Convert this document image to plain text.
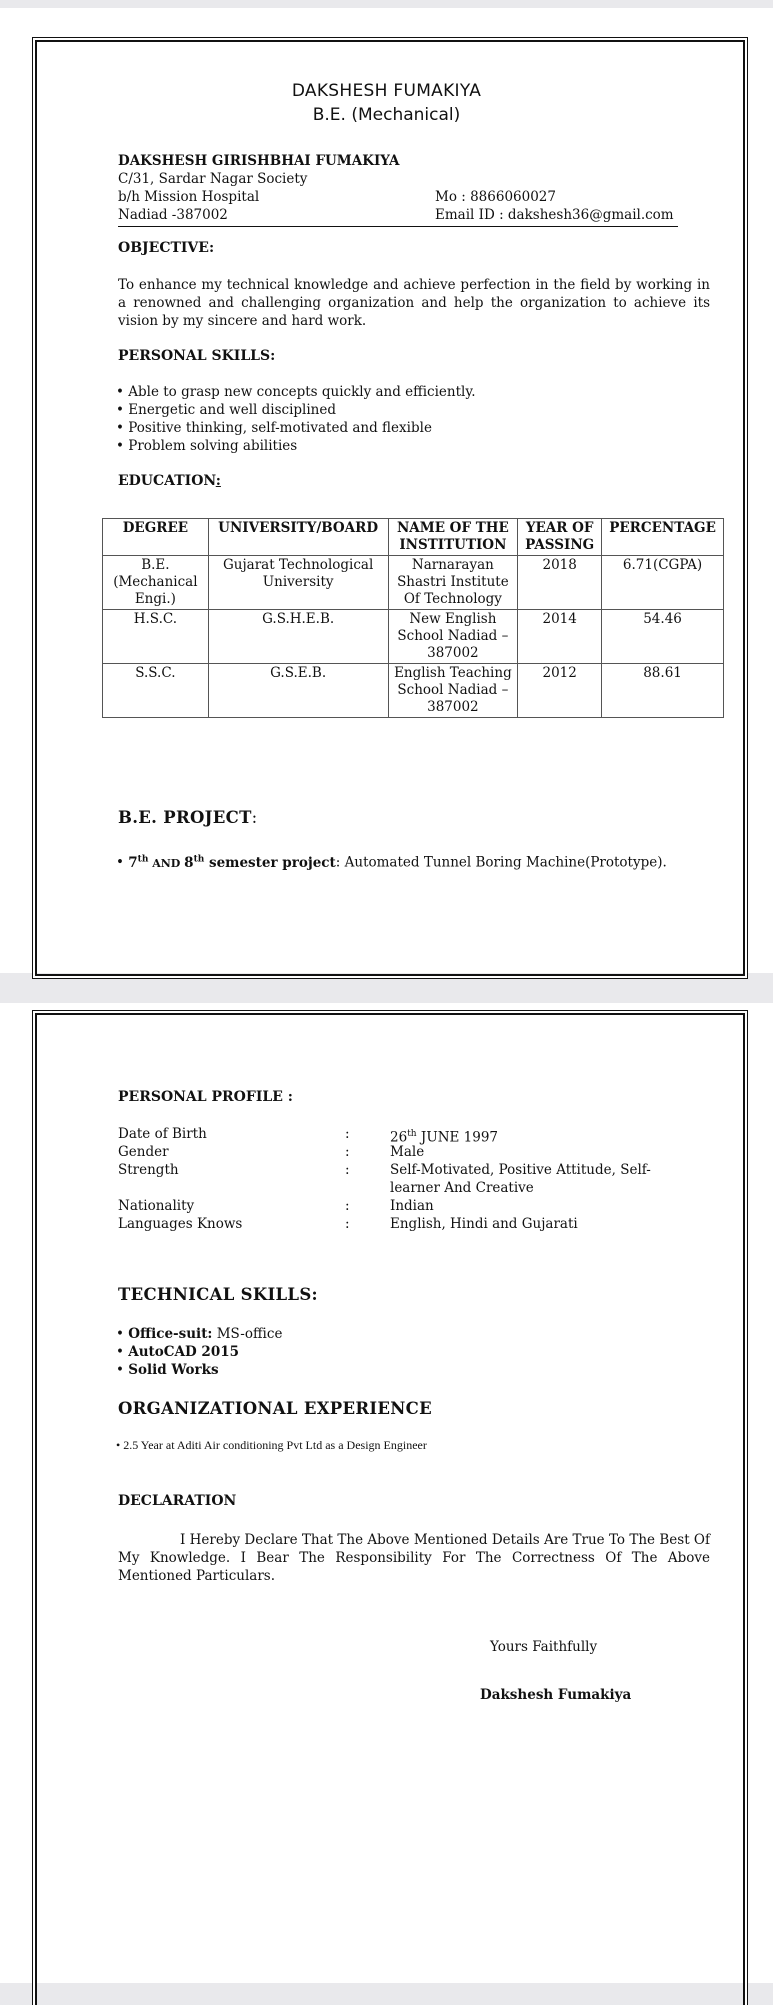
DAKSHESH FUMAKIYA
B.E. (Mechanical)
DAKSHESH GIRISHBHAI FUMAKIYA
C/31, Sardar Nagar Society
b/h Mission Hospital
Nadiad -387002
Mo : 8866060027
Email ID : dakshesh36@gmail.com
OBJECTIVE:
To enhance my technical knowledge and achieve perfection in the field by working in a renowned and challenging organization and help the organization to achieve its vision by my sincere and hard work.
PERSONAL SKILLS:
• Able to grasp new concepts quickly and efficiently.
• Energetic and well disciplined
• Positive thinking, self-motivated and flexible
• Problem solving abilities
EDUCATION:
DEGREE	UNIVERSITY/BOARD	NAME OF THE INSTITUTION	YEAR OF PASSING	PERCENTAGE
B.E. (Mechanical Engi.)	Gujarat Technological University	Narnarayan Shastri Institute Of Technology	2018	6.71(CGPA)
H.S.C.	G.S.H.E.B.	New English School Nadiad – 387002	2014	54.46
S.S.C.	G.S.E.B.	English Teaching School Nadiad – 387002	2012	88.61
B.E. PROJECT:
• 7th AND 8th semester project: Automated Tunnel Boring Machine(Prototype).
PERSONAL PROFILE :
Date of Birth	:	26th JUNE 1997
Gender	:	Male
Strength	:	Self-Motivated, Positive Attitude, Self-learner And Creative
Nationality	:	Indian
Languages Knows	:	English, Hindi and Gujarati
TECHNICAL SKILLS:
• Office-suit: MS-office
• AutoCAD 2015
• Solid Works
ORGANIZATIONAL EXPERIENCE
• 2.5 Year at Aditi Air conditioning Pvt Ltd as a Design Engineer
DECLARATION
I Hereby Declare That The Above Mentioned Details Are True To The Best Of My Knowledge. I Bear The Responsibility For The Correctness Of The Above Mentioned Particulars.
Yours Faithfully
Dakshesh Fumakiya
